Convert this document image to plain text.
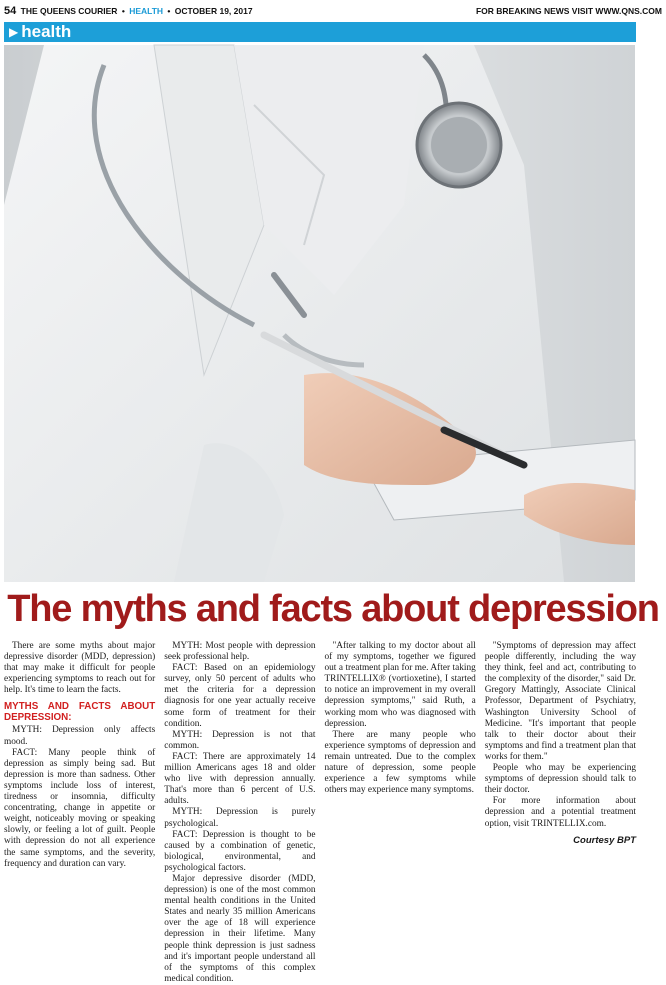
54 THE QUEENS COURIER • HEALTH • OCTOBER 19, 2017	FOR BREAKING NEWS VISIT WWW.QNS.COM
▶ health
The myths and facts about depression

There are some myths about major depressive disorder (MDD, depression) that may make it difficult for people experiencing symptoms to reach out for help. It's time to learn the facts.

MYTHS AND FACTS ABOUT DEPRESSION:

MYTH: Depression only affects mood.

FACT: Many people think of depression as simply being sad. But depression is more than sadness. Other symptoms include loss of interest, tiredness or insomnia, difficulty concentrating, change in appetite or weight, noticeably moving or speaking slowly, or feeling a lot of guilt. People with depression do not all experience the same symptoms, and the severity, frequency and duration can vary.

MYTH: Most people with depression seek professional help.

FACT: Based on an epidemiology survey, only 50 percent of adults who met the criteria for a depression diagnosis for one year actually receive some form of treatment for their condition.

MYTH: Depression is not that common.

FACT: There are approximately 14 million Americans ages 18 and older who live with depression annually. That's more than 6 percent of U.S. adults.

MYTH: Depression is purely psychological.

FACT: Depression is thought to be caused by a combination of genetic, biological, environmental, and psychological factors.

Major depressive disorder (MDD, depression) is one of the most common mental health conditions in the United States and nearly 35 million Americans over the age of 18 will experience depression in their lifetime. Many people think depression is just sadness and it's important people understand all of the symptoms of this complex medical condition.

"After talking to my doctor about all of my symptoms, together we figured out a treatment plan for me. After taking TRINTELLIX® (vortioxetine), I started to notice an improvement in my overall depression symptoms," said Ruth, a working mom who was diagnosed with depression.

There are many people who experience symptoms of depression and remain untreated. Due to the complex nature of depression, some people experience a few symptoms while others may experience many symptoms.

"Symptoms of depression may affect people differently, including the way they think, feel and act, contributing to the complexity of the disorder," said Dr. Gregory Mattingly, Associate Clinical Professor, Department of Psychiatry, Washington University School of Medicine. "It's important that people talk to their doctor about their symptoms and find a treatment plan that works for them."

People who may be experiencing symptoms of depression should talk to their doctor.

For more information about depression and a potential treatment option, visit TRINTELLIX.com.

Courtesy BPT
